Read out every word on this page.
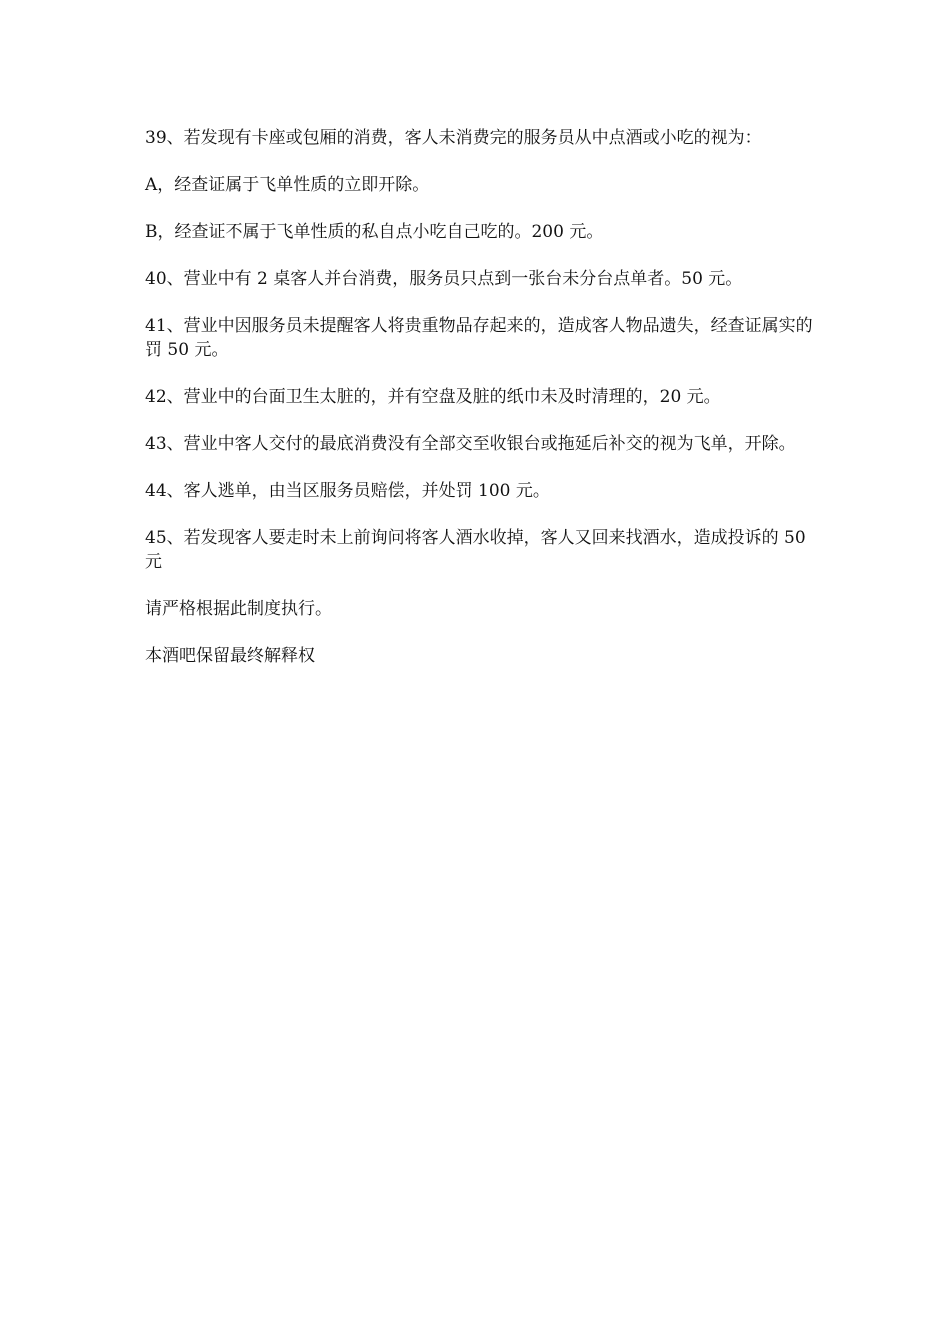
39、若发现有卡座或包厢的消费，客人未消费完的服务员从中点酒或小吃的视为：

A，经查证属于飞单性质的立即开除。

B，经查证不属于飞单性质的私自点小吃自己吃的。200 元。

40、营业中有 2 桌客人并台消费，服务员只点到一张台未分台点单者。50 元。

41、营业中因服务员未提醒客人将贵重物品存起来的，造成客人物品遗失，经查证属实的罚 50 元。

42、营业中的台面卫生太脏的，并有空盘及脏的纸巾未及时清理的，20 元。

43、营业中客人交付的最底消费没有全部交至收银台或拖延后补交的视为飞单，开除。

44、客人逃单，由当区服务员赔偿，并处罚 100 元。

45、若发现客人要走时未上前询问将客人酒水收掉，客人又回来找酒水，造成投诉的 50 元

请严格根据此制度执行。

本酒吧保留最终解释权
